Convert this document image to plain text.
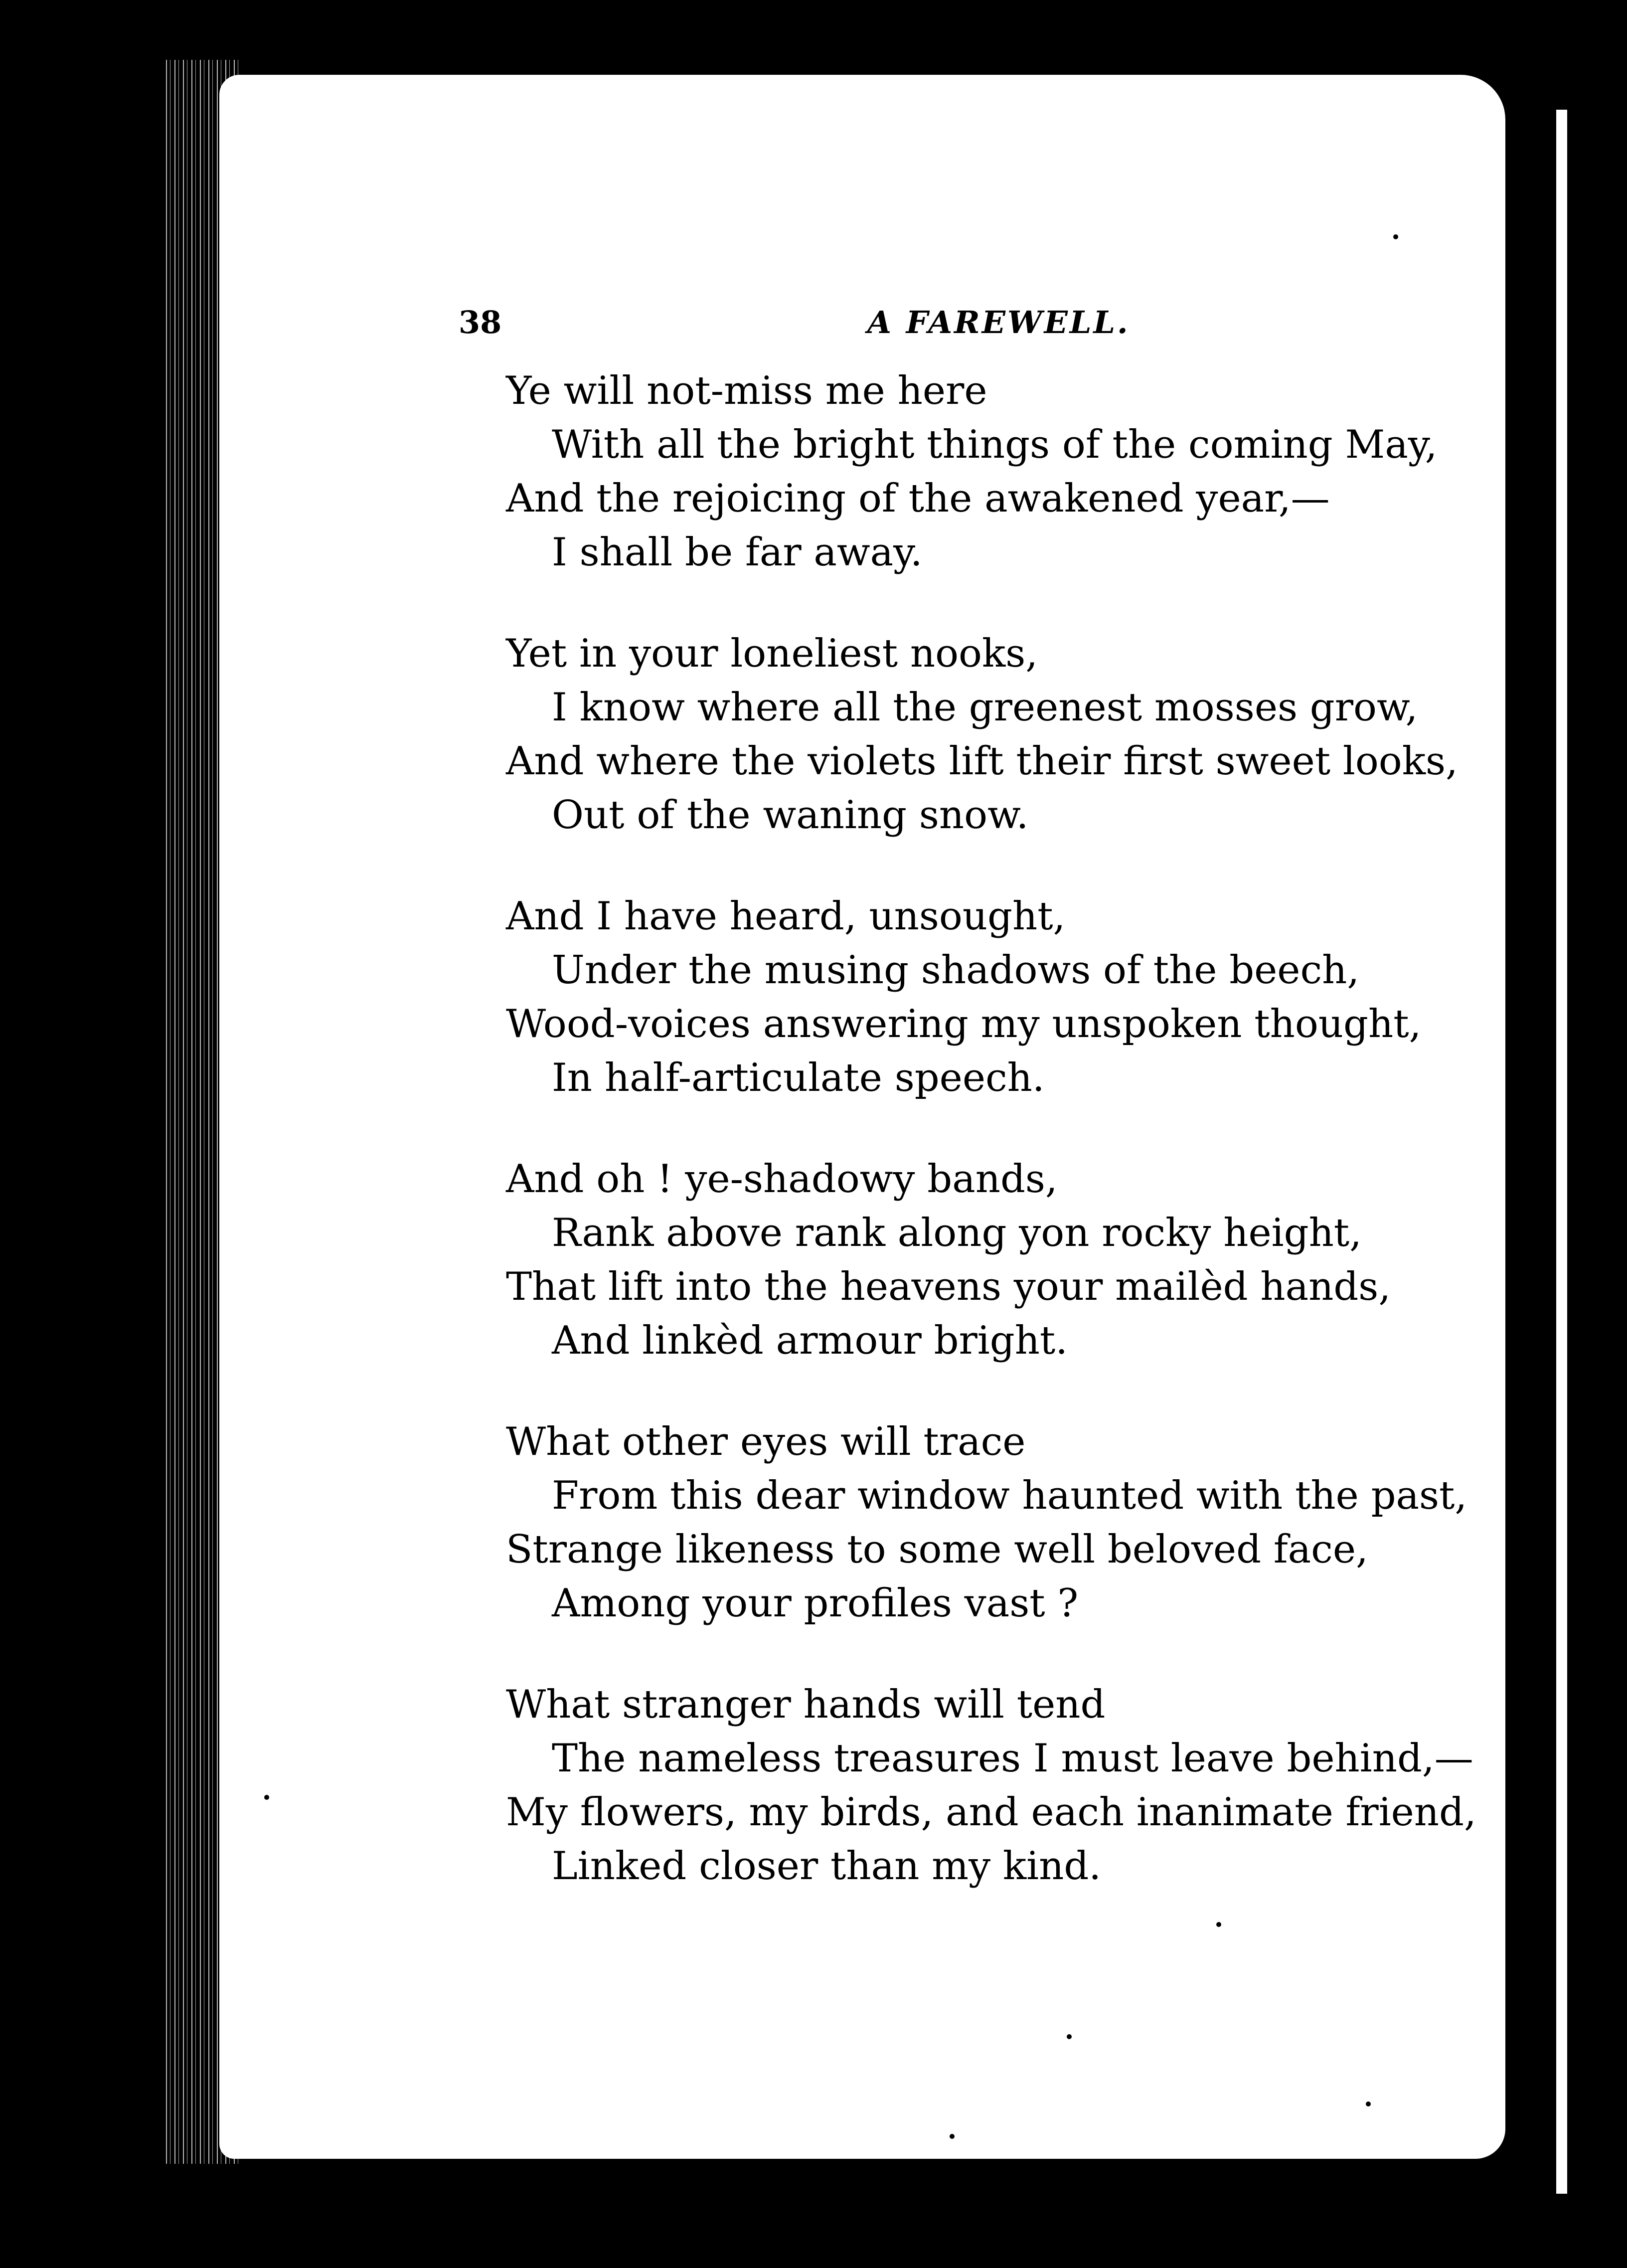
38	A FAREWELL.
Ye will not-miss me here
With all the bright things of the coming May,
And the rejoicing of the awakened year,—
I shall be far away.
Yet in your loneliest nooks,
I know where all the greenest mosses grow,
And where the violets lift their first sweet looks,
Out of the waning snow.
And I have heard, unsought,
Under the musing shadows of the beech,
Wood-voices answering my unspoken thought,
In half-articulate speech.
And oh ! ye-shadowy bands,
Rank above rank along yon rocky height,
That lift into the heavens your mailèd hands,
And linkèd armour bright.
What other eyes will trace
From this dear window haunted with the past,
Strange likeness to some well beloved face,
Among your profiles vast ?
What stranger hands will tend
The nameless treasures I must leave behind,—
My flowers, my birds, and each inanimate friend,
Linked closer than my kind.
